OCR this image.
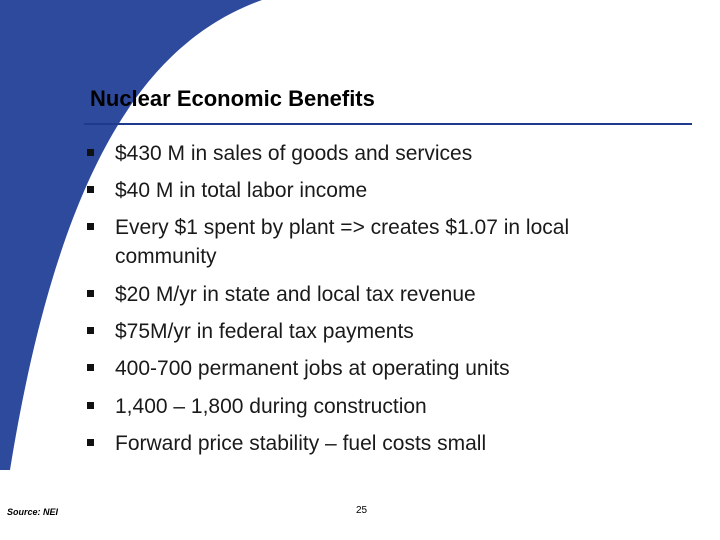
Nuclear Economic Benefits
$430 M in sales of goods and services
$40 M in total labor income
Every $1 spent by plant => creates $1.07 in local community
$20 M/yr in state and local tax revenue
$75M/yr in federal tax payments
400-700 permanent jobs at operating units
1,400 – 1,800 during construction
Forward price stability – fuel costs small
Source: NEI	25
